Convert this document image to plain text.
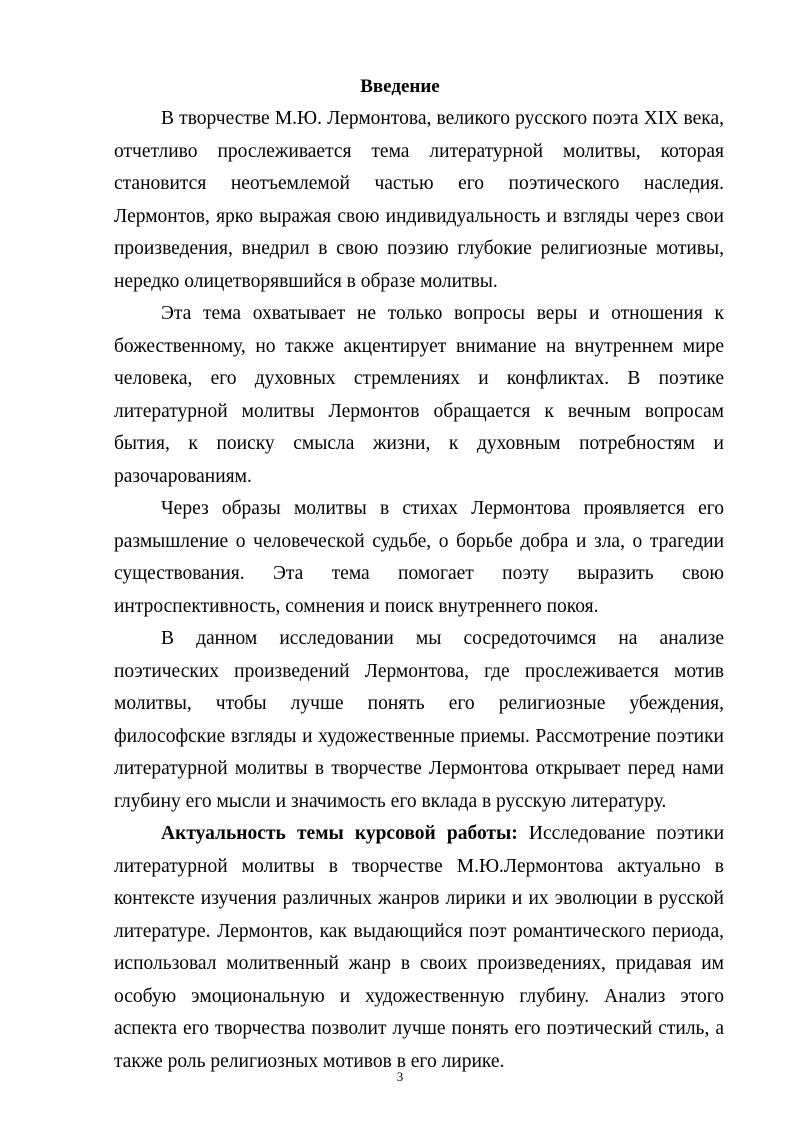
Введение

В творчестве М.Ю. Лермонтова, великого русского поэта XIX века, отчетливо прослеживается тема литературной молитвы, которая становится неотъемлемой частью его поэтического наследия. Лермонтов, ярко выражая свою индивидуальность и взгляды через свои произведения, внедрил в свою поэзию глубокие религиозные мотивы, нередко олицетворявшийся в образе молитвы.

Эта тема охватывает не только вопросы веры и отношения к божественному, но также акцентирует внимание на внутреннем мире человека, его духовных стремлениях и конфликтах. В поэтике литературной молитвы Лермонтов обращается к вечным вопросам бытия, к поиску смысла жизни, к духовным потребностям и разочарованиям.

Через образы молитвы в стихах Лермонтова проявляется его размышление о человеческой судьбе, о борьбе добра и зла, о трагедии существования. Эта тема помогает поэту выразить свою интроспективность, сомнения и поиск внутреннего покоя.

В данном исследовании мы сосредоточимся на анализе поэтических произведений Лермонтова, где прослеживается мотив молитвы, чтобы лучше понять его религиозные убеждения, философские взгляды и художественные приемы. Рассмотрение поэтики литературной молитвы в творчестве Лермонтова открывает перед нами глубину его мысли и значимость его вклада в русскую литературу.

Актуальность темы курсовой работы: Исследование поэтики литературной молитвы в творчестве М.Ю.Лермонтова актуально в контексте изучения различных жанров лирики и их эволюции в русской литературе. Лермонтов, как выдающийся поэт романтического периода, использовал молитвенный жанр в своих произведениях, придавая им особую эмоциональную и художественную глубину. Анализ этого аспекта его творчества позволит лучше понять его поэтический стиль, а также роль религиозных мотивов в его лирике.

3
